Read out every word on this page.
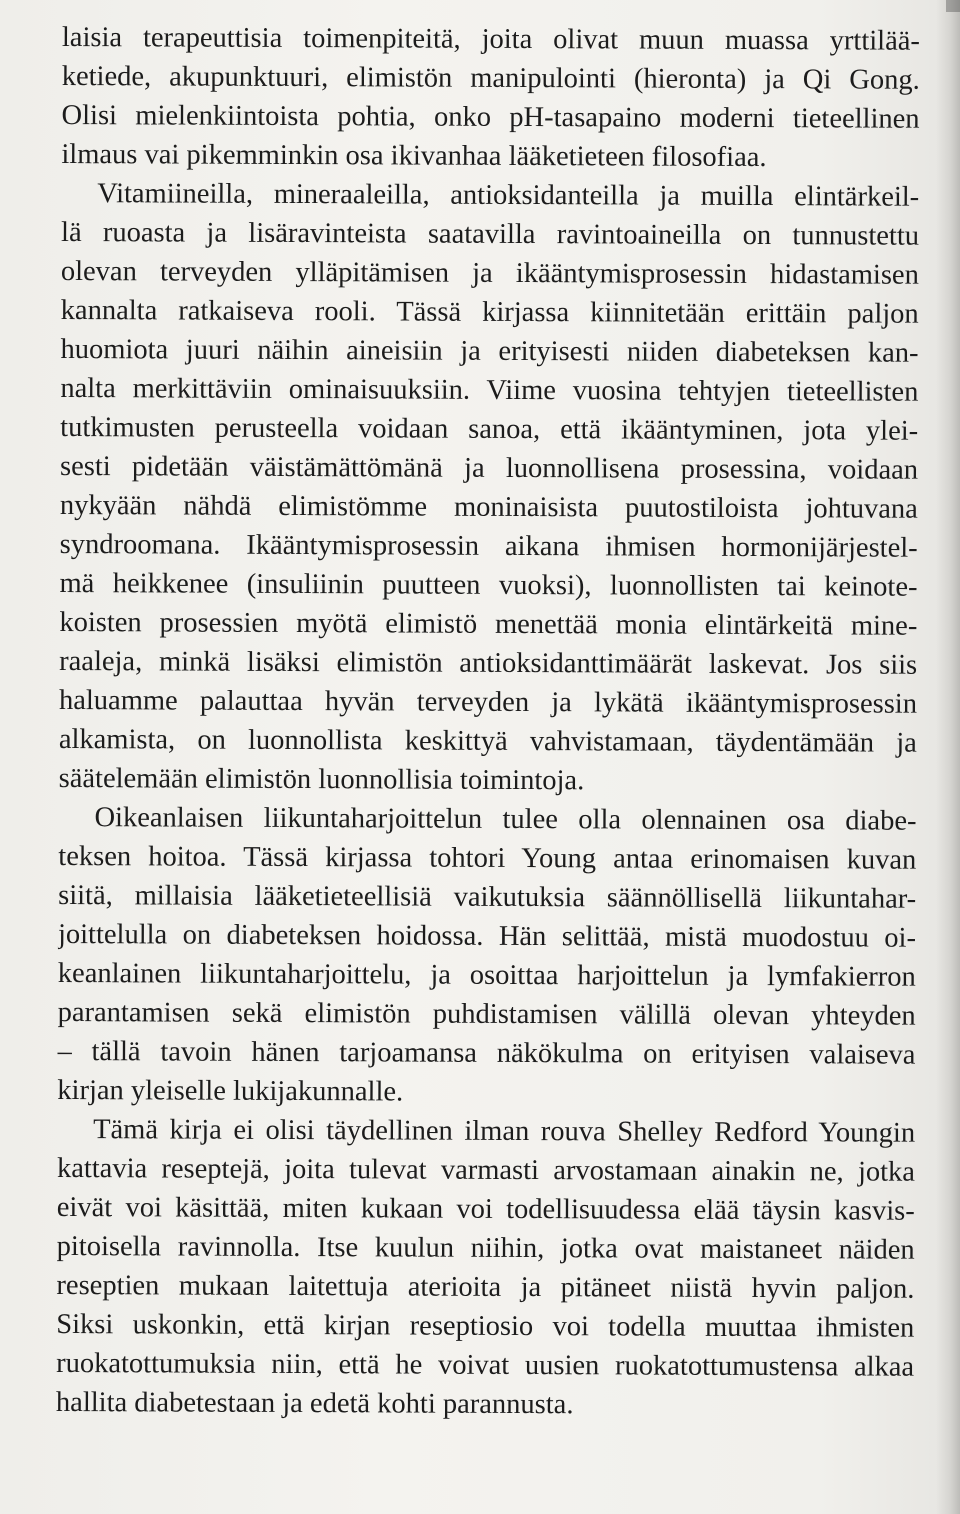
laisia terapeuttisia toimenpiteitä, joita olivat muun muassa yrttilää-
ketiede, akupunktuuri, elimistön manipulointi (hieronta) ja Qi Gong.
Olisi mielenkiintoista pohtia, onko pH-tasapaino moderni tieteellinen
ilmaus vai pikemminkin osa ikivanhaa lääketieteen filosofiaa.
Vitamiineilla, mineraaleilla, antioksidanteilla ja muilla elintärkeil-
lä ruoasta ja lisäravinteista saatavilla ravintoaineilla on tunnustettu
olevan terveyden ylläpitämisen ja ikääntymisprosessin hidastamisen
kannalta ratkaiseva rooli. Tässä kirjassa kiinnitetään erittäin paljon
huomiota juuri näihin aineisiin ja erityisesti niiden diabeteksen kan-
nalta merkittäviin ominaisuuksiin. Viime vuosina tehtyjen tieteellisten
tutkimusten perusteella voidaan sanoa, että ikääntyminen, jota ylei-
sesti pidetään väistämättömänä ja luonnollisena prosessina, voidaan
nykyään nähdä elimistömme moninaisista puutostiloista johtuvana
syndroomana. Ikääntymisprosessin aikana ihmisen hormonijärjestel-
mä heikkenee (insuliinin puutteen vuoksi), luonnollisten tai keinote-
koisten prosessien myötä elimistö menettää monia elintärkeitä mine-
raaleja, minkä lisäksi elimistön antioksidanttimäärät laskevat. Jos siis
haluamme palauttaa hyvän terveyden ja lykätä ikääntymisprosessin
alkamista, on luonnollista keskittyä vahvistamaan, täydentämään ja
säätelemään elimistön luonnollisia toimintoja.
Oikeanlaisen liikuntaharjoittelun tulee olla olennainen osa diabe-
teksen hoitoa. Tässä kirjassa tohtori Young antaa erinomaisen kuvan
siitä, millaisia lääketieteellisiä vaikutuksia säännöllisellä liikuntahar-
joittelulla on diabeteksen hoidossa. Hän selittää, mistä muodostuu oi-
keanlainen liikuntaharjoittelu, ja osoittaa harjoittelun ja lymfakierron
parantamisen sekä elimistön puhdistamisen välillä olevan yhteyden
– tällä tavoin hänen tarjoamansa näkökulma on erityisen valaiseva
kirjan yleiselle lukijakunnalle.
Tämä kirja ei olisi täydellinen ilman rouva Shelley Redford Youngin
kattavia reseptejä, joita tulevat varmasti arvostamaan ainakin ne, jotka
eivät voi käsittää, miten kukaan voi todellisuudessa elää täysin kasvis-
pitoisella ravinnolla. Itse kuulun niihin, jotka ovat maistaneet näiden
reseptien mukaan laitettuja aterioita ja pitäneet niistä hyvin paljon.
Siksi uskonkin, että kirjan reseptiosio voi todella muuttaa ihmisten
ruokatottumuksia niin, että he voivat uusien ruokatottumustensa alkaa
hallita diabetestaan ja edetä kohti parannusta.
